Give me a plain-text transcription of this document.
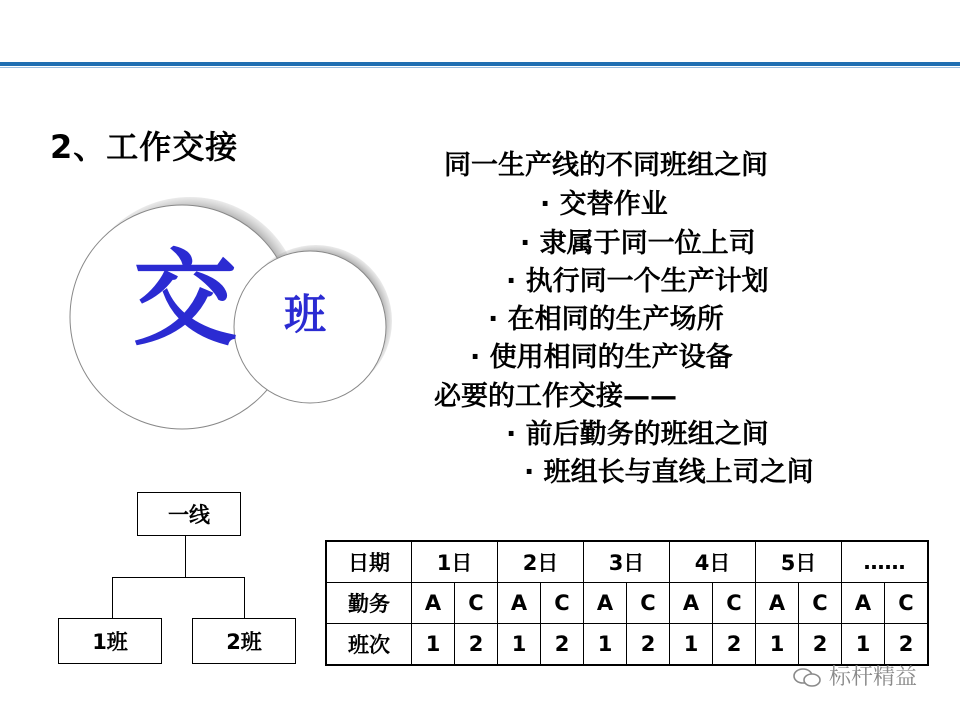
2、工作交接
交	班
同一生产线的不同班组之间
· 交替作业
· 隶属于同一位上司
· 执行同一个生产计划
· 在相同的生产场所
· 使用相同的生产设备
必要的工作交接——
· 前后勤务的班组之间
· 班组长与直线上司之间
一线
1班	2班
日期	1日		2日		3日		4日		5日		……	
勤务	A	C	A	C	A	C	A	C	A	C	A	C
班次	1	2	1	2	1	2	1	2	1	2	1	2
标杆精益
